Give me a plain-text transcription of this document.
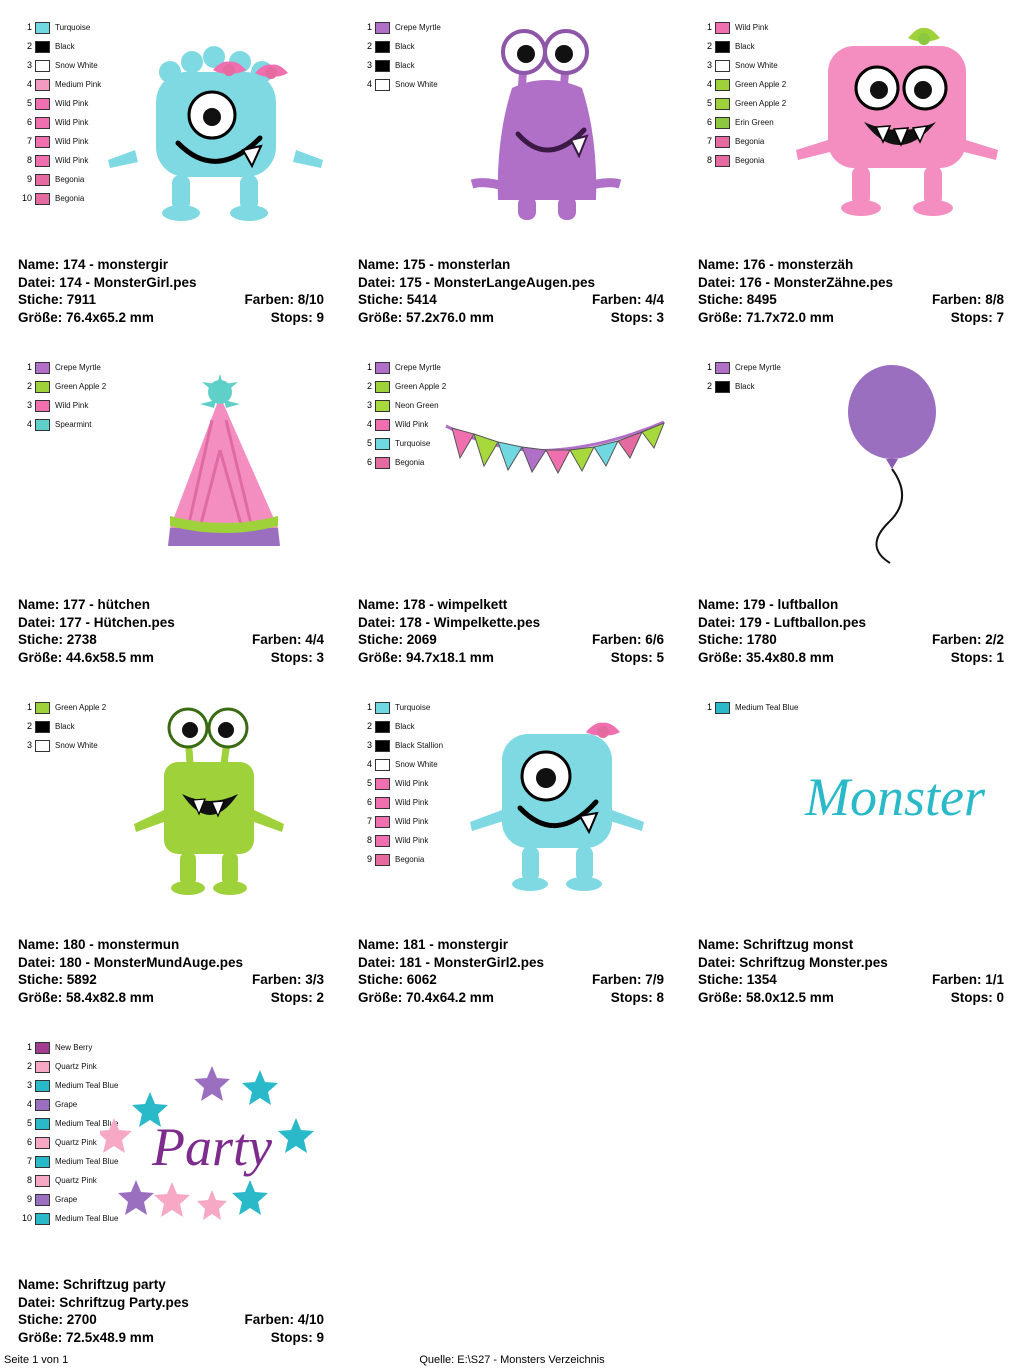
1	Turquoise
2	Black
3	Snow White
4	Medium Pink
5	Wild Pink
6	Wild Pink
7	Wild Pink
8	Wild Pink
9	Begonia
10	Begonia
Name: 174 - monstergir
Datei: 174 - MonsterGirl.pes
Stiche: 7911	Farben: 8/10
Größe: 76.4x65.2 mm	Stops: 9
1	Crepe Myrtle
2	Black
3	Black
4	Snow White
Name: 175 - monsterlan
Datei: 175 - MonsterLangeAugen.pes
Stiche: 5414	Farben: 4/4
Größe: 57.2x76.0 mm	Stops: 3
1	Wild Pink
2	Black
3	Snow White
4	Green Apple 2
5	Green Apple 2
6	Erin Green
7	Begonia
8	Begonia
Name: 176 - monsterzäh
Datei: 176 - MonsterZähne.pes
Stiche: 8495	Farben: 8/8
Größe: 71.7x72.0 mm	Stops: 7
1	Crepe Myrtle
2	Green Apple 2
3	Wild Pink
4	Spearmint
Name: 177 - hütchen
Datei: 177 - Hütchen.pes
Stiche: 2738	Farben: 4/4
Größe: 44.6x58.5 mm	Stops: 3
1	Crepe Myrtle
2	Green Apple 2
3	Neon Green
4	Wild Pink
5	Turquoise
6	Begonia
Name: 178 - wimpelkett
Datei: 178 - Wimpelkette.pes
Stiche: 2069	Farben: 6/6
Größe: 94.7x18.1 mm	Stops: 5
1	Crepe Myrtle
2	Black
Name: 179 - luftballon
Datei: 179 - Luftballon.pes
Stiche: 1780	Farben: 2/2
Größe: 35.4x80.8 mm	Stops: 1
1	Green Apple 2
2	Black
3	Snow White
Name: 180 - monstermun
Datei: 180 - MonsterMundAuge.pes
Stiche: 5892	Farben: 3/3
Größe: 58.4x82.8 mm	Stops: 2
1	Turquoise
2	Black
3	Black Stallion
4	Snow White
5	Wild Pink
6	Wild Pink
7	Wild Pink
8	Wild Pink
9	Begonia
Name: 181 - monstergir
Datei: 181 - MonsterGirl2.pes
Stiche: 6062	Farben: 7/9
Größe: 70.4x64.2 mm	Stops: 8
1	Medium Teal Blue
Monster
Name: Schriftzug monst
Datei: Schriftzug Monster.pes
Stiche: 1354	Farben: 1/1
Größe: 58.0x12.5 mm	Stops: 0
1	New Berry
2	Quartz Pink
3	Medium Teal Blue
4	Grape
5	Medium Teal Blue
6	Quartz Pink
7	Medium Teal Blue
8	Quartz Pink
9	Grape
10	Medium Teal Blue
Party
Name: Schriftzug party
Datei: Schriftzug Party.pes
Stiche: 2700	Farben: 4/10
Größe: 72.5x48.9 mm	Stops: 9
Seite 1 von 1	Quelle: E:\S27 - Monsters Verzeichnis
